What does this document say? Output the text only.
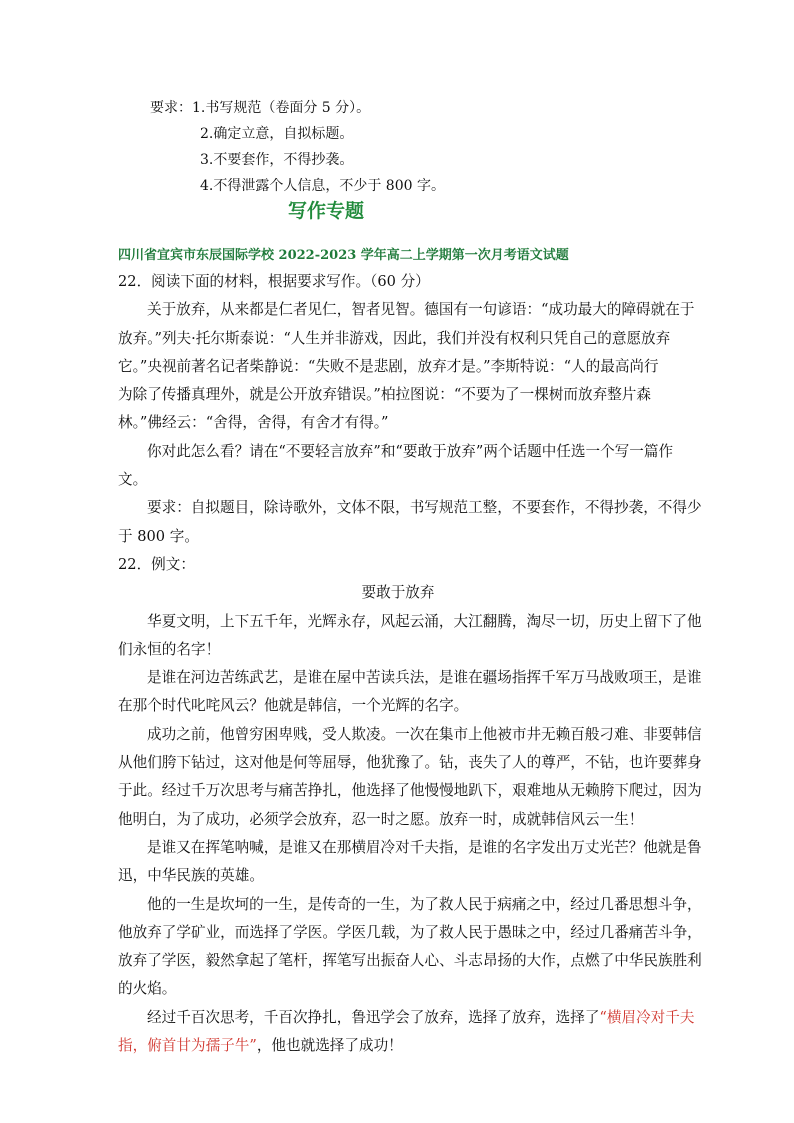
要求：1.书写规范（卷面分 5 分）。
2.确定立意，自拟标题。
3.不要套作，不得抄袭。
4.不得泄露个人信息，不少于 800 字。
写作专题
四川省宜宾市东辰国际学校 2022-2023 学年高二上学期第一次月考语文试题
22．阅读下面的材料，根据要求写作。（60 分）
关于放弃，从来都是仁者见仁，智者见智。德国有一句谚语：“成功最大的障碍就在于
放弃。”列夫·托尔斯泰说：“人生并非游戏，因此，我们并没有权利只凭自己的意愿放弃
它。”央视前著名记者柴静说：“失败不是悲剧，放弃才是。”李斯特说：“人的最高尚行
为除了传播真理外，就是公开放弃错误。”柏拉图说：“不要为了一棵树而放弃整片森
林。”佛经云：“舍得，舍得，有舍才有得。”
你对此怎么看？请在“不要轻言放弃”和“要敢于放弃”两个话题中任选一个写一篇作
文。
要求：自拟题目，除诗歌外，文体不限，书写规范工整，不要套作，不得抄袭，不得少
于 800 字。
22．例文：
要敢于放弃
华夏文明，上下五千年，光辉永存，风起云涌，大江翻腾，淘尽一切，历史上留下了他
们永恒的名字！
是谁在河边苦练武艺，是谁在屋中苦读兵法，是谁在疆场指挥千军万马战败项王，是谁
在那个时代叱咤风云？他就是韩信，一个光辉的名字。
成功之前，他曾穷困卑贱，受人欺凌。一次在集市上他被市井无赖百般刁难、非要韩信
从他们胯下钻过，这对他是何等屈辱，他犹豫了。钻，丧失了人的尊严，不钻，也许要葬身
于此。经过千万次思考与痛苦挣扎，他选择了他慢慢地趴下，艰难地从无赖胯下爬过，因为
他明白，为了成功，必须学会放弃，忍一时之愿。放弃一时，成就韩信风云一生！
是谁又在挥笔呐喊，是谁又在那横眉冷对千夫指，是谁的名字发出万丈光芒？他就是鲁
迅，中华民族的英雄。
他的一生是坎坷的一生，是传奇的一生，为了救人民于病痛之中，经过几番思想斗争，
他放弃了学矿业，而选择了学医。学医几载，为了救人民于愚昧之中，经过几番痛苦斗争，
放弃了学医，毅然拿起了笔杆，挥笔写出振奋人心、斗志昂扬的大作，点燃了中华民族胜利
的火焰。
经过千百次思考，千百次挣扎，鲁迅学会了放弃，选择了放弃，选择了“横眉冷对千夫
指，俯首甘为孺子牛”，他也就选择了成功！
